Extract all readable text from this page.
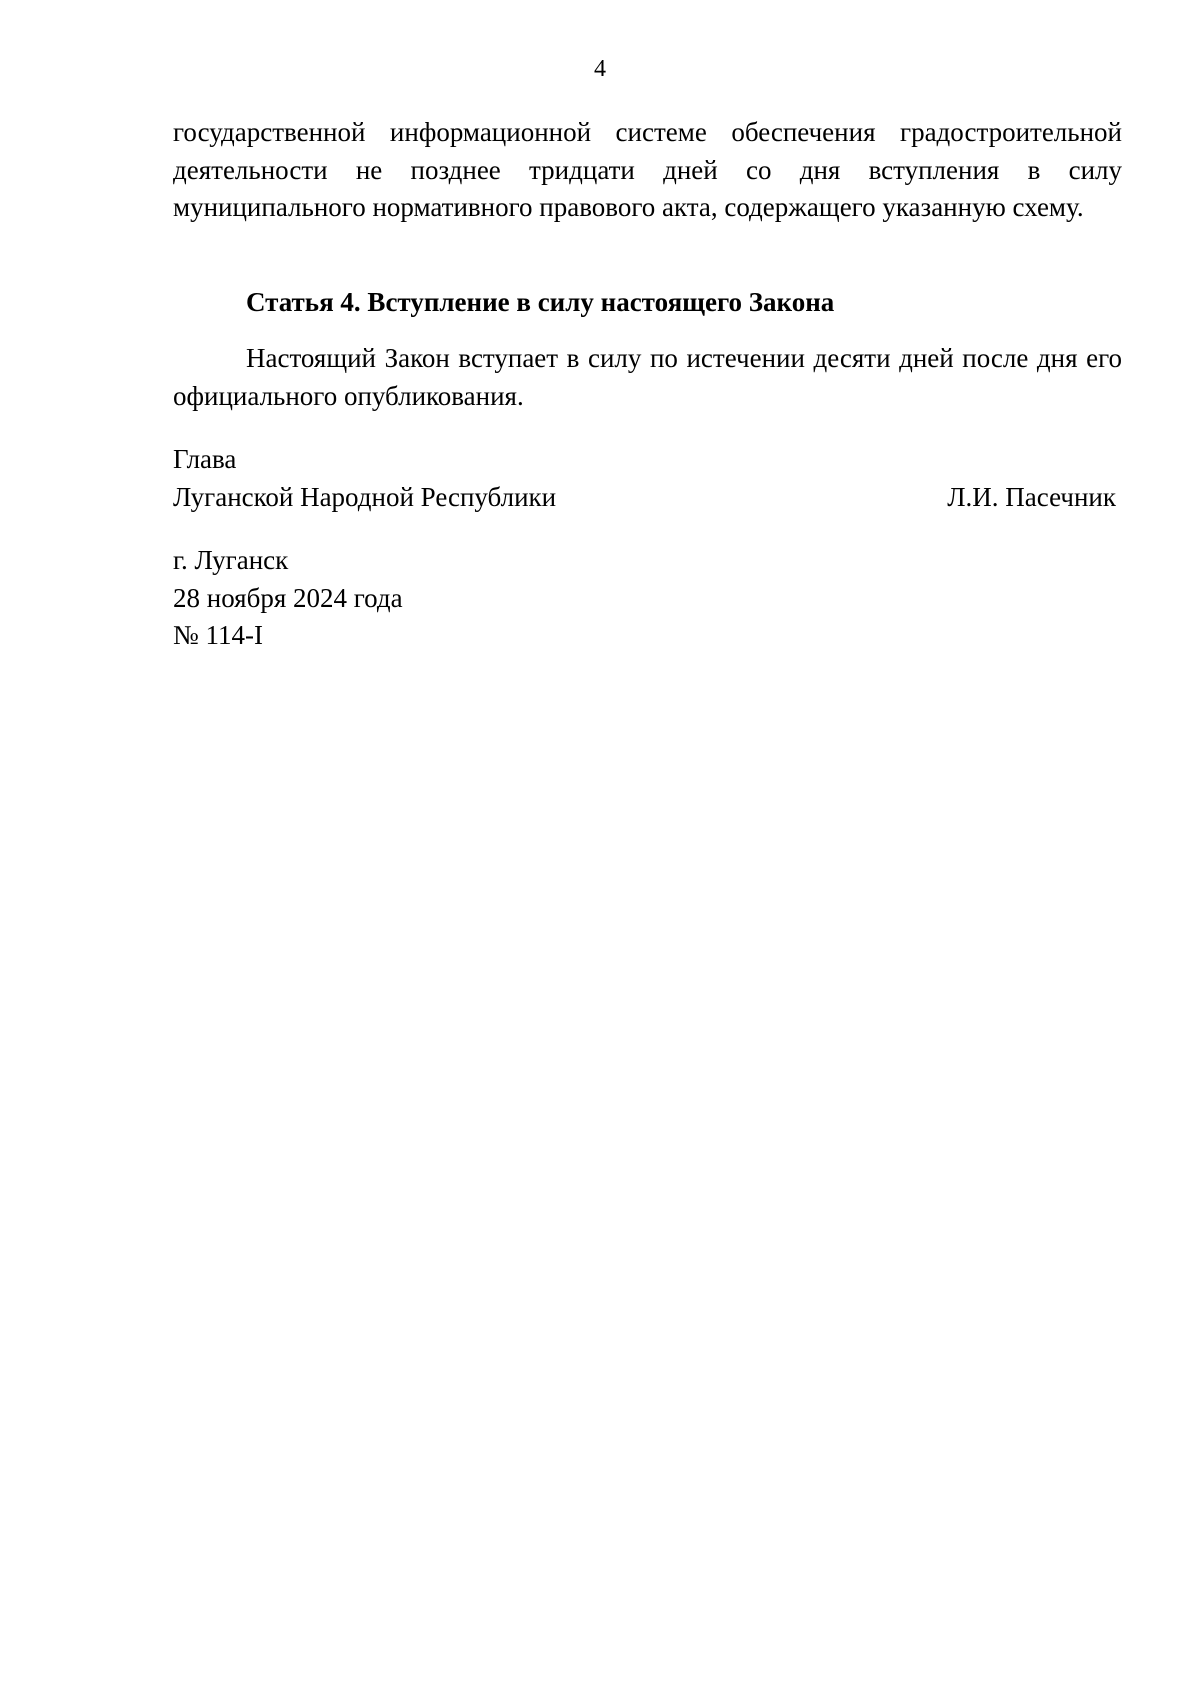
4
государственной информационной системе обеспечения градостроительной деятельности не позднее тридцати дней со дня вступления в силу муниципального нормативного правового акта, содержащего указанную схему.
Статья 4. Вступление в силу настоящего Закона
Настоящий Закон вступает в силу по истечении десяти дней после дня его официального опубликования.
Глава
Луганской Народной Республики	Л.И. Пасечник
г. Луганск
28 ноября 2024 года
№ 114-I
